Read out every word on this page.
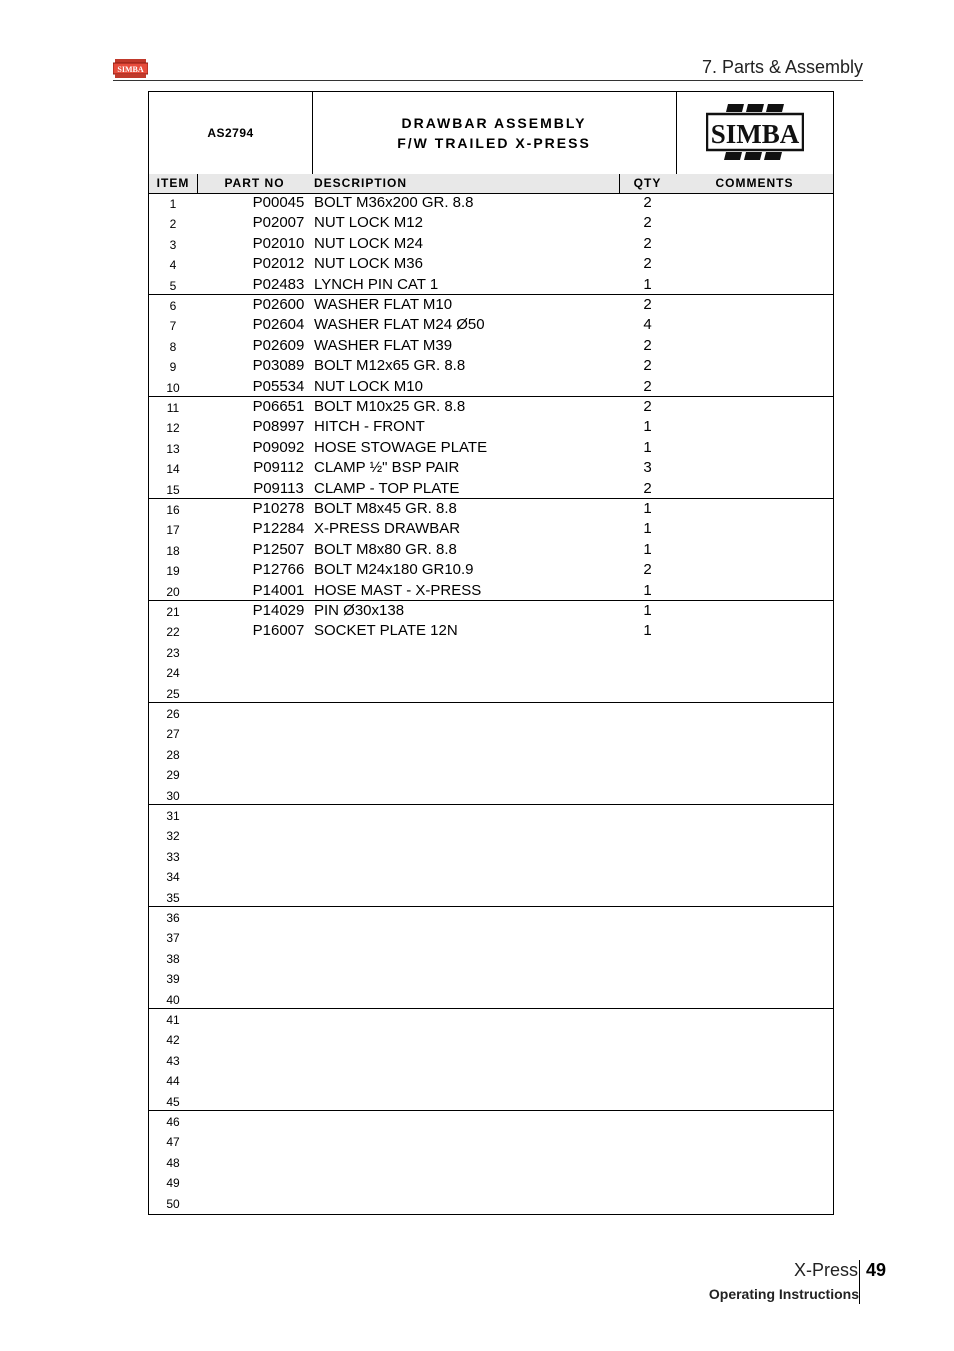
SIMBA	7. Parts & Assembly
AS2794
DRAWBAR ASSEMBLY
F/W TRAILED X-PRESS	SIMBA
ITEM	PART NO	DESCRIPTION	QTY	COMMENTS
1	P00045 BOLT M36x200 GR. 8.8	2
2	P02007 NUT LOCK M12	2
3	P02010 NUT LOCK M24	2
4	P02012 NUT LOCK M36	2
5	P02483 LYNCH PIN CAT 1	1
6	P02600 WASHER FLAT M10	2
7	P02604 WASHER FLAT M24 Ø50	4
8	P02609 WASHER FLAT M39	2
9	P03089 BOLT M12x65 GR. 8.8	2
10	P05534 NUT LOCK M10	2
11	P06651 BOLT M10x25 GR. 8.8	2
12	P08997 HITCH - FRONT	1
13	P09092 HOSE STOWAGE PLATE	1
14	P09112 CLAMP ½" BSP PAIR	3
15	P09113 CLAMP - TOP PLATE	2
16	P10278 BOLT M8x45 GR. 8.8	1
17	P12284 X-PRESS DRAWBAR	1
18	P12507 BOLT M8x80 GR. 8.8	1
19	P12766 BOLT M24x180 GR10.9	2
20	P14001 HOSE MAST - X-PRESS	1
21	P14029 PIN Ø30x138	1
22	P16007 SOCKET PLATE 12N	1
23
24
25
26
27
28
29
30
31
32
33
34
35
36
37
38
39
40
41
42
43
44
45
46
47
48
49
50
X-Press 49
Operating Instructions
